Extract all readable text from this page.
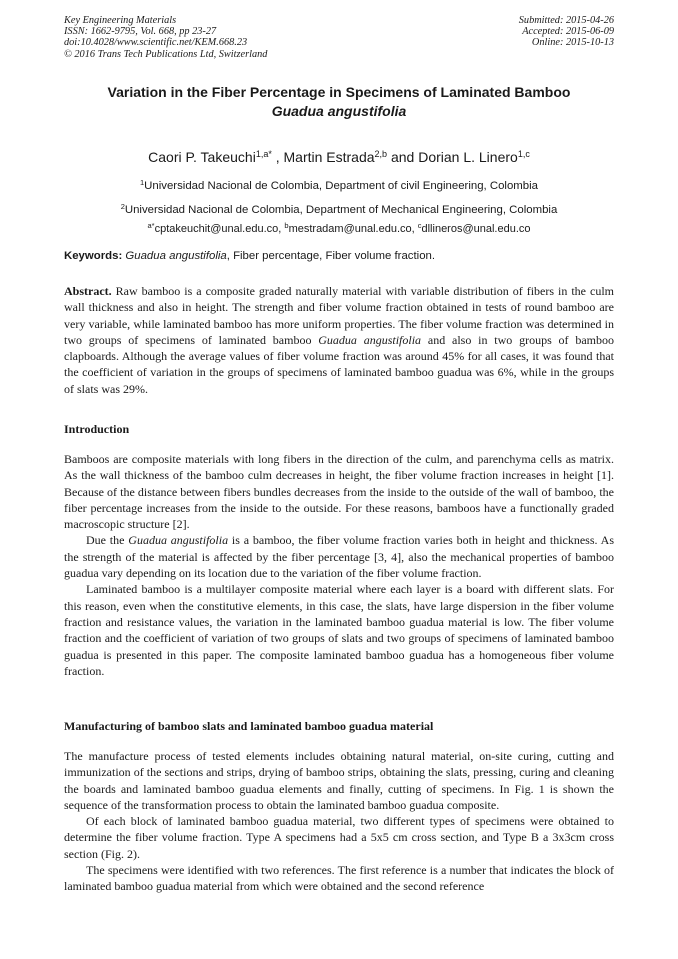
Key Engineering Materials
ISSN: 1662-9795, Vol. 668, pp 23-27
doi:10.4028/www.scientific.net/KEM.668.23
© 2016 Trans Tech Publications Ltd, Switzerland
Submitted: 2015-04-26
Accepted: 2015-06-09
Online: 2015-10-13
Variation in the Fiber Percentage in Specimens of Laminated Bamboo
Guadua angustifolia
Caori P. Takeuchi$^{1,a*}$ , Martin Estrada$^{2,b}$ and Dorian L. Linero$^{1,c}$
$^1$Universidad Nacional de Colombia, Department of civil Engineering, Colombia
$^2$Universidad Nacional de Colombia, Department of Mechanical Engineering, Colombia
$^{a*}$cptakeuchit@unal.edu.co, $^b$mestradam@unal.edu.co, $^c$dllineros@unal.edu.co
Keywords: Guadua angustifolia, Fiber percentage, Fiber volume fraction.

Abstract. Raw bamboo is a composite graded naturally material with variable distribution of fibers in the culm wall thickness and also in height. The strength and fiber volume fraction obtained in tests of round bamboo are very variable, while laminated bamboo has more uniform properties. The fiber volume fraction was determined in two groups of specimens of laminated bamboo Guadua angustifolia and also in two groups of bamboo clapboards. Although the average values of fiber volume fraction was around 45% for all cases, it was found that the coefficient of variation in the groups of specimens of laminated bamboo guadua was 6%, while in the groups of slats was 29%.

Introduction

Bamboos are composite materials with long fibers in the direction of the culm, and parenchyma cells as matrix. As the wall thickness of the bamboo culm decreases in height, the fiber volume fraction increases in height [1]. Because of the distance between fibers bundles decreases from the inside to the outside of the wall of bamboo, the fiber percentage increases from the inside to the outside. For these reasons, bamboos have a functionally graded macroscopic structure [2].

Due the Guadua angustifolia is a bamboo, the fiber volume fraction varies both in height and thickness. As the strength of the material is affected by the fiber percentage [3, 4], also the mechanical properties of bamboo guadua vary depending on its location due to the variation of the fiber volume fraction.

Laminated bamboo is a multilayer composite material where each layer is a board with different slats. For this reason, even when the constitutive elements, in this case, the slats, have large dispersion in the fiber volume fraction and resistance values, the variation in the laminated bamboo guadua material is low. The fiber volume fraction and the coefficient of variation of two groups of slats and two groups of specimens of laminated bamboo guadua is presented in this paper. The composite laminated bamboo guadua has a homogeneous fiber volume fraction.

Manufacturing of bamboo slats and laminated bamboo guadua material

The manufacture process of tested elements includes obtaining natural material, on-site curing, cutting and immunization of the sections and strips, drying of bamboo strips, obtaining the slats, pressing, curing and cleaning the boards and laminated bamboo guadua elements and finally, cutting of specimens. In Fig. 1 is shown the sequence of the transformation process to obtain the laminated bamboo guadua composite.

Of each block of laminated bamboo guadua material, two different types of specimens were obtained to determine the fiber volume fraction. Type A specimens had a 5x5 cm cross section, and Type B a 3x3cm cross section (Fig. 2).

The specimens were identified with two references. The first reference is a number that indicates the block of laminated bamboo guadua material from which were obtained and the second reference
